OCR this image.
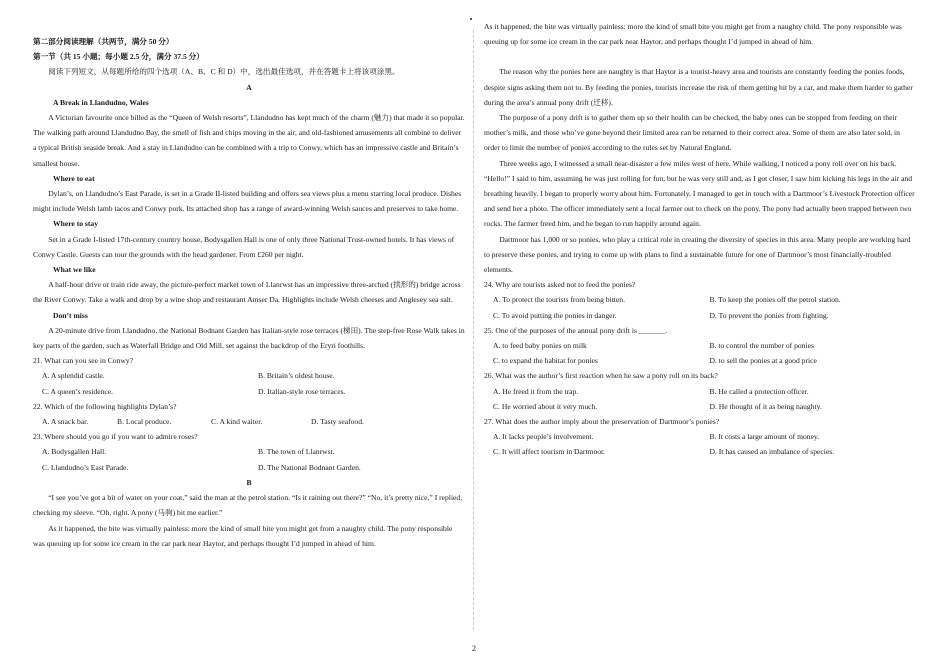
第二部分阅读理解（共两节，满分 50 分）

第一节（共 15 小题；每小题 2.5 分，满分 37.5 分）

阅读下列短文，从每题所给的四个选项（A、B、C 和 D）中，选出最佳选项，并在答题卡上将该项涂黑。

A

A Break in Llandudno, Wales

A Victorian favourite once billed as the “Queen of Welsh resorts”, Llandudno has kept much of the charm (魅力) that made it so popular. The walking path around Llandudno Bay, the smell of fish and chips moving in the air, and old-fashioned amusements all combine to deliver a typical British seaside break. And a stay in Llandudno can be combined with a trip to Conwy, which has an impressive castle and Britain’s smallest house.

Where to eat

Dylan’s, on Llandudno’s East Parade, is set in a Grade II-listed building and offers sea views plus a menu starring local produce. Dishes might include Welsh lamb tacos and Conwy pork. Its attached shop has a range of award-winning Welsh sauces and preserves to take home.

Where to stay

Set in a Grade I-listed 17th-century country house, Bodysgallen Hall is one of only three National Trust-owned hotels. It has views of Conwy Castle. Guests can tour the grounds with the head gardener. From £260 per night.

What we like

A half-hour drive or train ride away, the picture-perfect market town of Llanrwst has an impressive three-arched (拱形的) bridge across the River Conwy. Take a walk and drop by a wine shop and restaurant Amser Da. Highlights include Welsh cheeses and Anglesey sea salt.

Don’t miss

A 20-minute drive from Llandudno, the National Bodnant Garden has Italian-style rose terraces (梯田). The step-free Rose Walk takes in key parts of the garden, such as Waterfall Bridge and Old Mill, set against the backdrop of the Eryri foothills.

21. What can you see in Conwy?

A. A splendid castle.	B. Britain’s oldest house.
C. A queen’s residence.	D. Italian-style rose terraces.

22. Which of the following highlights Dylan’s?

A. A snack bar.	B. Local produce.	C. A kind waiter.	D. Tasty seafood.

23. Where should you go if you want to admire roses?

A. Bodysgallen Hall.	B. The town of Llanrwst.
C. Llandudno’s East Parade.	D. The National Bodnant Garden.

B

“I see you’ve got a bit of water on your coat,” said the man at the petrol station. “Is it raining out there?” “No, it’s pretty nice,” I replied, checking my sleeve. “Oh, right. A pony (马驹) bit me earlier.”

As it happened, the bite was virtually painless: more the kind of small bite you might get from a naughty child. The pony responsible was queuing up for some ice cream in the car park near Haytor, and perhaps thought I’d jumped in ahead of him.

As it happened, the bite was virtually painless: more the kind of small bite you might get from a naughty child. The pony responsible was queuing up for some ice cream in the car park near Haytor, and perhaps thought I’d jumped in ahead of him.

The reason why the ponies here are naughty is that Haytor is a tourist-heavy area and tourists are constantly feeding the ponies foods, despite signs asking them not to. By feeding the ponies, tourists increase the risk of them getting hit by a car, and make them harder to gather during the area’s annual pony drift (迁移).

The purpose of a pony drift is to gather them up so their health can be checked, the baby ones can be stopped from feeding on their mother’s milk, and those who’ve gone beyond their limited area can be returned to their correct area. Some of them are also later sold, in order to limit the number of ponies according to the rules set by Natural England.

Three weeks ago, I witnessed a small near-disaster a few miles west of here. While walking, I noticed a pony roll over on his back. “Hello!” I said to him, assuming he was just rolling for fun, but he was very still and, as I got closer, I saw him kicking his legs in the air and breathing heavily. I began to properly worry about him. Fortunately, I managed to get in touch with a Dartmoor’s Livestock Protection officer and send her a photo. The officer immediately sent a local farmer out to check on the pony. The pony had actually been trapped between two rocks. The farmer freed him, and he began to run happily around again.

Dartmoor has 1,000 or so ponies, who play a critical role in creating the diversity of species in this area. Many people are working hard to preserve these ponies, and trying to come up with plans to find a sustainable future for one of Dartmoor’s most financially-troubled elements.

24. Why are tourists asked not to feed the ponies?

A. To protect the tourists from being bitten.	B. To keep the ponies off the petrol station.
C. To avoid putting the ponies in danger.	D. To prevent the ponies from fighting.

25. One of the purposes of the annual pony drift is _______.

A. to feed baby ponies on milk	B. to control the number of ponies
C. to expand the habitat for ponies	D. to sell the ponies at a good price

26. What was the author’s first reaction when he saw a pony roll on its back?

A. He freed it from the trap.	B. He called a protection officer.
C. He worried about it very much.	D. He thought of it as being naughty.

27. What does the author imply about the preservation of Dartmoor’s ponies?

A. It lacks people’s involvement.	B. It costs a large amount of money.
C. It will affect tourism in Dartmoor.	D. It has caused an imbalance of species.
2
